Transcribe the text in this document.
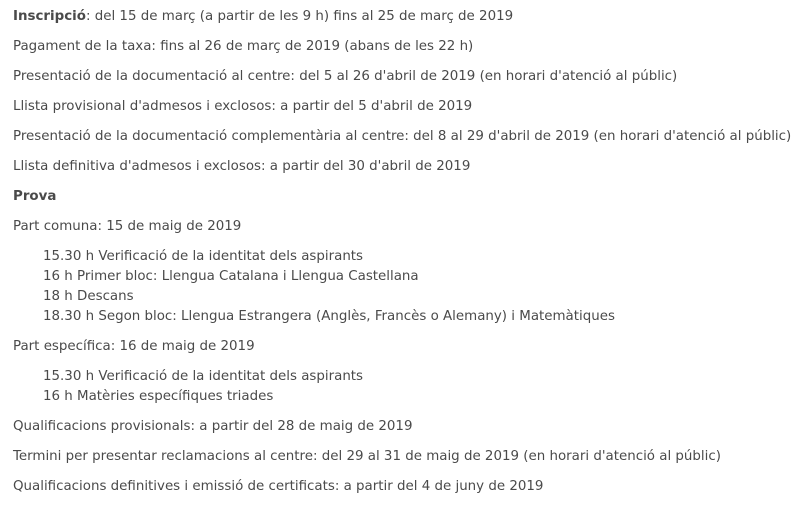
Inscripció: del 15 de març (a partir de les 9 h) fins al 25 de març de 2019
Pagament de la taxa: fins al 26 de març de 2019 (abans de les 22 h)
Presentació de la documentació al centre: del 5 al 26 d'abril de 2019 (en horari d'atenció al públic)
Llista provisional d'admesos i exclosos: a partir del 5 d'abril de 2019
Presentació de la documentació complementària al centre: del 8 al 29 d'abril de 2019 (en horari d'atenció al públic)
Llista definitiva d'admesos i exclosos: a partir del 30 d'abril de 2019
Prova
Part comuna: 15 de maig de 2019
15.30 h Verificació de la identitat dels aspirants
16 h Primer bloc: Llengua Catalana i Llengua Castellana
18 h Descans
18.30 h Segon bloc: Llengua Estrangera (Anglès, Francès o Alemany) i Matemàtiques
Part específica: 16 de maig de 2019
15.30 h Verificació de la identitat dels aspirants
16 h Matèries específiques triades
Qualificacions provisionals: a partir del 28 de maig de 2019
Termini per presentar reclamacions al centre: del 29 al 31 de maig de 2019 (en horari d'atenció al públic)
Qualificacions definitives i emissió de certificats: a partir del 4 de juny de 2019
